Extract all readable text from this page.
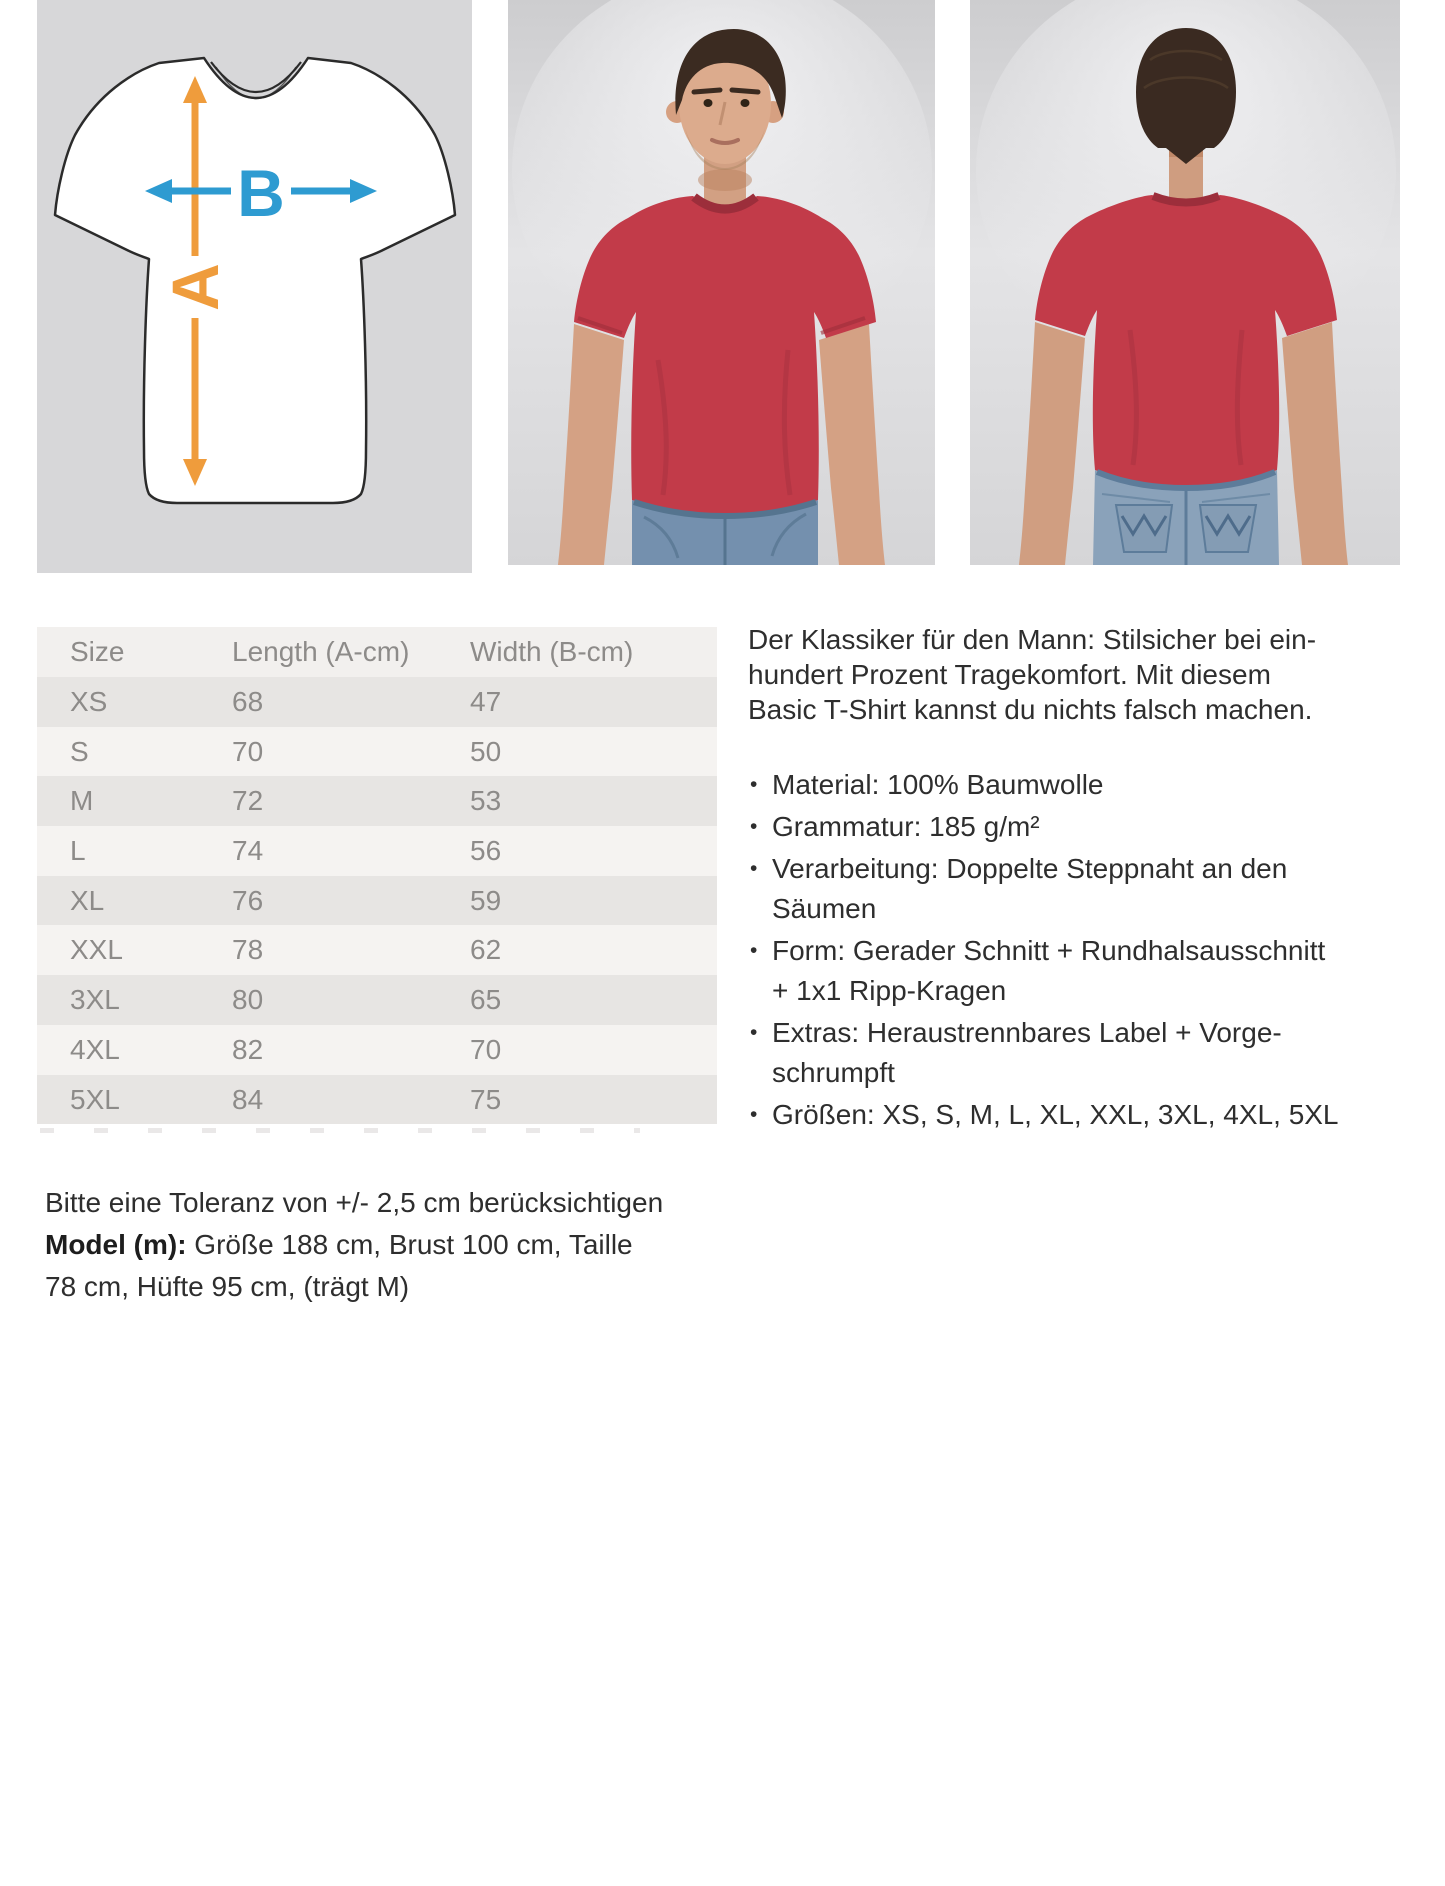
A
B
Size	Length (A-cm) Width (B-cm)
XS	68	47
S	70	50
M	72	53
L	74	56
XL	76	59
XXL	78	62
3XL	80	65
4XL	82	70
5XL	84	75
Bitte eine Toleranz von +/- 2,5 cm berücksichtigen
Model (m): Größe 188 cm, Brust 100 cm, Taille
78 cm, Hüfte 95 cm, (trägt M)
Der Klassiker für den Mann: Stilsicher bei ein-
hundert Prozent Tragekomfort. Mit diesem
Basic T-Shirt kannst du nichts falsch machen.
• Material: 100% Baumwolle
• Grammatur: 185 g/m²
• Verarbeitung: Doppelte Steppnaht an den
Säumen
• Form: Gerader Schnitt + Rundhalsausschnitt
+ 1x1 Ripp-Kragen
• Extras: Heraustrennbares Label + Vorge-
schrumpft
• Größen: XS, S, M, L, XL, XXL, 3XL, 4XL, 5XL
